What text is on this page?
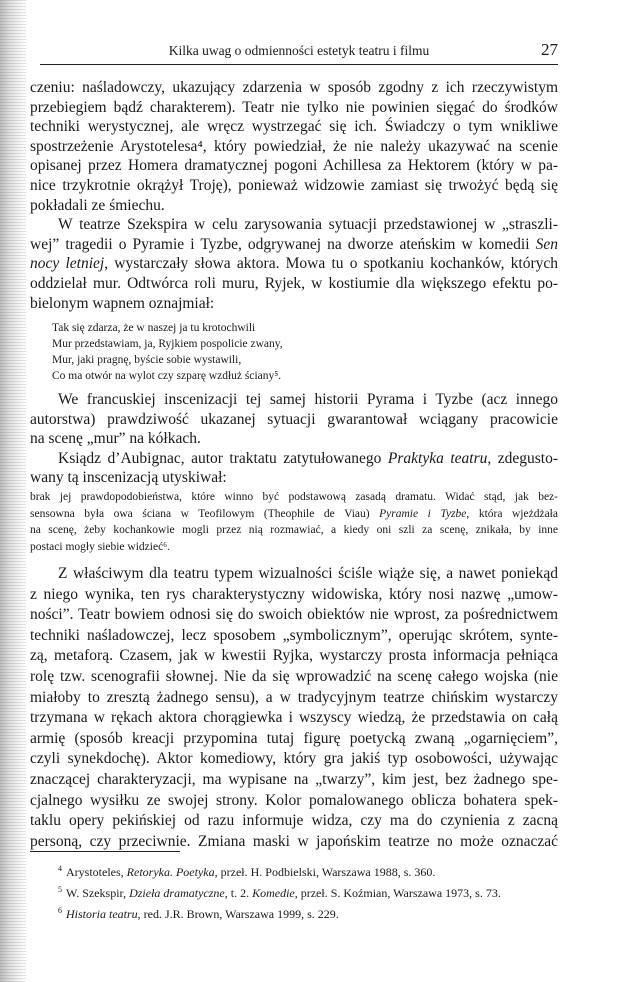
Kilka uwag o odmienności estetyk teatru i filmu	27
czeniu: naśladowczy, ukazujący zdarzenia w sposób zgodny z ich rzeczywistym
przebiegiem bądź charakterem). Teatr nie tylko nie powinien sięgać do środków
techniki werystycznej, ale wręcz wystrzegać się ich. Świadczy o tym wnikliwe
spostrzeżenie Arystotelesa⁴, który powiedział, że nie należy ukazywać na scenie
opisanej przez Homera dramatycznej pogoni Achillesa za Hektorem (który w pa-
nice trzykrotnie okrążył Troję), ponieważ widzowie zamiast się trwożyć będą się
pokładali ze śmiechu.
W teatrze Szekspira w celu zarysowania sytuacji przedstawionej w „straszli-
wej” tragedii o Pyramie i Tyzbe, odgrywanej na dworze ateńskim w komedii Sen
nocy letniej, wystarczały słowa aktora. Mowa tu o spotkaniu kochanków, których
oddzielał mur. Odtwórca roli muru, Ryjek, w kostiumie dla większego efektu po-
bielonym wapnem oznajmiał:
Tak się zdarza, że w naszej ja tu krotochwili
Mur przedstawiam, ja, Ryjkiem pospolicie zwany,
Mur, jaki pragnę, byście sobie wystawili,
Co ma otwór na wylot czy szparę wzdłuż ściany⁵.
We francuskiej inscenizacji tej samej historii Pyrama i Tyzbe (acz innego
autorstwa) prawdziwość ukazanej sytuacji gwarantował wciągany pracowicie
na scenę „mur” na kółkach.
Ksiądz d’Aubignac, autor traktatu zatytułowanego Praktyka teatru, zdegusto-
wany tą inscenizacją utyskiwał:
brak jej prawdopodobieństwa, które winno być podstawową zasadą dramatu. Widać stąd, jak bez-
sensowna była owa ściana w Teofilowym (Theophile de Viau) Pyramie i Tyzbe, która wjeżdżała
na scenę, żeby kochankowie mogli przez nią rozmawiać, a kiedy oni szli za scenę, znikała, by inne
postaci mogły siebie widzieć⁶.
Z właściwym dla teatru typem wizualności ściśle wiąże się, a nawet poniekąd
z niego wynika, ten rys charakterystyczny widowiska, który nosi nazwę „umow-
ności”. Teatr bowiem odnosi się do swoich obiektów nie wprost, za pośrednictwem
techniki naśladowczej, lecz sposobem „symbolicznym”, operując skrótem, synte-
zą, metaforą. Czasem, jak w kwestii Ryjka, wystarczy prosta informacja pełniąca
rolę tzw. scenografii słownej. Nie da się wprowadzić na scenę całego wojska (nie
miałoby to zresztą żadnego sensu), a w tradycyjnym teatrze chińskim wystarczy
trzymana w rękach aktora chorągiewka i wszyscy wiedzą, że przedstawia on całą
armię (sposób kreacji przypomina tutaj figurę poetycką zwaną „ogarnięciem”,
czyli synekdochę). Aktor komediowy, który gra jakiś typ osobowości, używając
znaczącej charakteryzacji, ma wypisane na „twarzy”, kim jest, bez żadnego spe-
cjalnego wysiłku ze swojej strony. Kolor pomalowanego oblicza bohatera spek-
taklu opery pekińskiej od razu informuje widza, czy ma do czynienia z zacną
personą, czy przeciwnie. Zmiana maski w japońskim teatrze no może oznaczać
$^4$ Arystoteles, Retoryka. Poetyka, przeł. H. Podbielski, Warszawa 1988, s. 360.
$^5$ W. Szekspir, Dzieła dramatyczne, t. 2. Komedie, przeł. S. Koźmian, Warszawa 1973, s. 73.
$^6$ Historia teatru, red. J.R. Brown, Warszawa 1999, s. 229.
